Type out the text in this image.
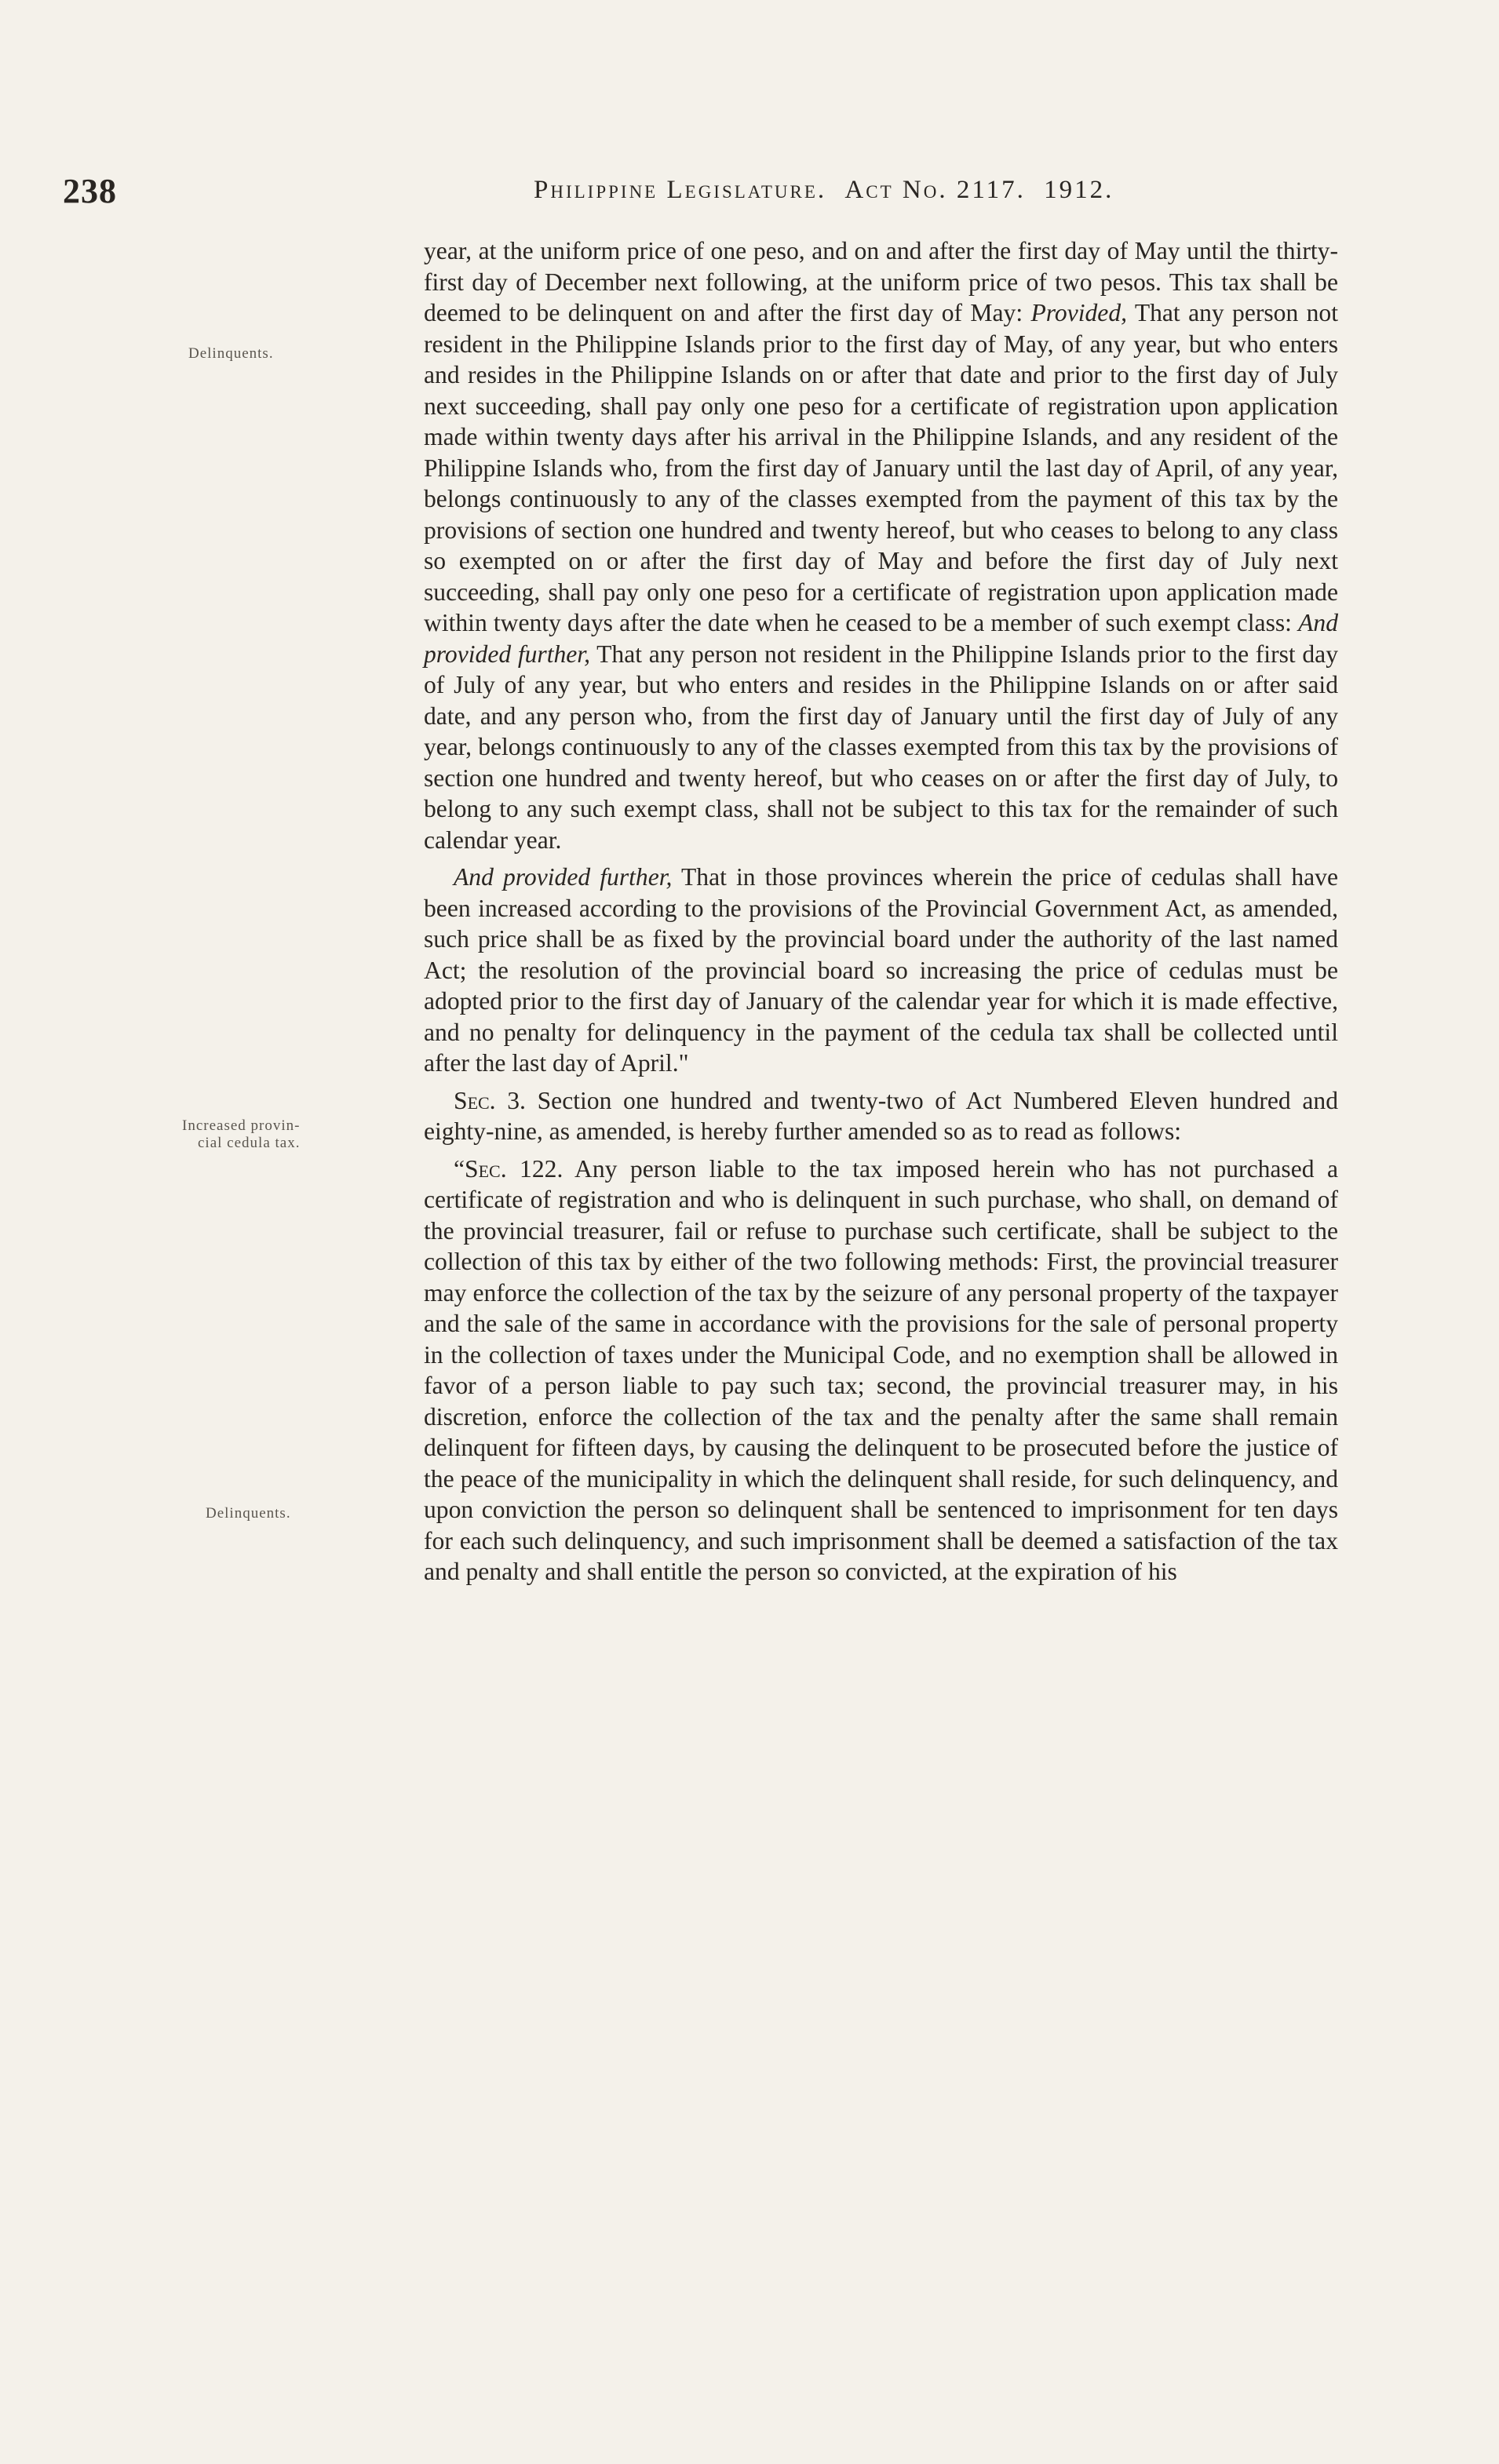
238	Philippine Legislature. Act No. 2117. 1912.
Delinquents.
Increased provin-
cial cedula tax.
Delinquents.

year, at the uniform price of one peso, and on and after the first day of May until the thirty-first day of December next following, at the uniform price of two pesos. This tax shall be deemed to be delinquent on and after the first day of May: Provided, That any person not resident in the Philippine Islands prior to the first day of May, of any year, but who enters and resides in the Philippine Islands on or after that date and prior to the first day of July next succeeding, shall pay only one peso for a certificate of registration upon application made within twenty days after his arrival in the Philippine Islands, and any resident of the Philippine Islands who, from the first day of January until the last day of April, of any year, belongs continuously to any of the classes exempted from the payment of this tax by the provisions of section one hundred and twenty hereof, but who ceases to belong to any class so exempted on or after the first day of May and before the first day of July next succeeding, shall pay only one peso for a certificate of registration upon application made within twenty days after the date when he ceased to be a member of such exempt class: And provided further, That any person not resident in the Philippine Islands prior to the first day of July of any year, but who enters and resides in the Philippine Islands on or after said date, and any person who, from the first day of January until the first day of July of any year, belongs continuously to any of the classes exempted from this tax by the provisions of section one hundred and twenty hereof, but who ceases on or after the first day of July, to belong to any such exempt class, shall not be subject to this tax for the remainder of such calendar year.

And provided further, That in those provinces wherein the price of cedulas shall have been increased according to the provisions of the Provincial Government Act, as amended, such price shall be as fixed by the provincial board under the authority of the last named Act; the resolution of the provincial board so increasing the price of cedulas must be adopted prior to the first day of January of the calendar year for which it is made effective, and no penalty for delinquency in the payment of the cedula tax shall be collected until after the last day of April."

Sec. 3. Section one hundred and twenty-two of Act Numbered Eleven hundred and eighty-nine, as amended, is hereby further amended so as to read as follows:

“Sec. 122. Any person liable to the tax imposed herein who has not purchased a certificate of registration and who is delinquent in such purchase, who shall, on demand of the provincial treasurer, fail or refuse to purchase such certificate, shall be subject to the collection of this tax by either of the two following methods: First, the provincial treasurer may enforce the collection of the tax by the seizure of any personal property of the taxpayer and the sale of the same in accordance with the provisions for the sale of personal property in the collection of taxes under the Municipal Code, and no exemption shall be allowed in favor of a person liable to pay such tax; second, the provincial treasurer may, in his discretion, enforce the collection of the tax and the penalty after the same shall remain delinquent for fifteen days, by causing the delinquent to be prosecuted before the justice of the peace of the municipality in which the delinquent shall reside, for such delinquency, and upon conviction the person so delinquent shall be sentenced to imprisonment for ten days for each such delinquency, and such imprisonment shall be deemed a satisfaction of the tax and penalty and shall entitle the person so convicted, at the expiration of his
